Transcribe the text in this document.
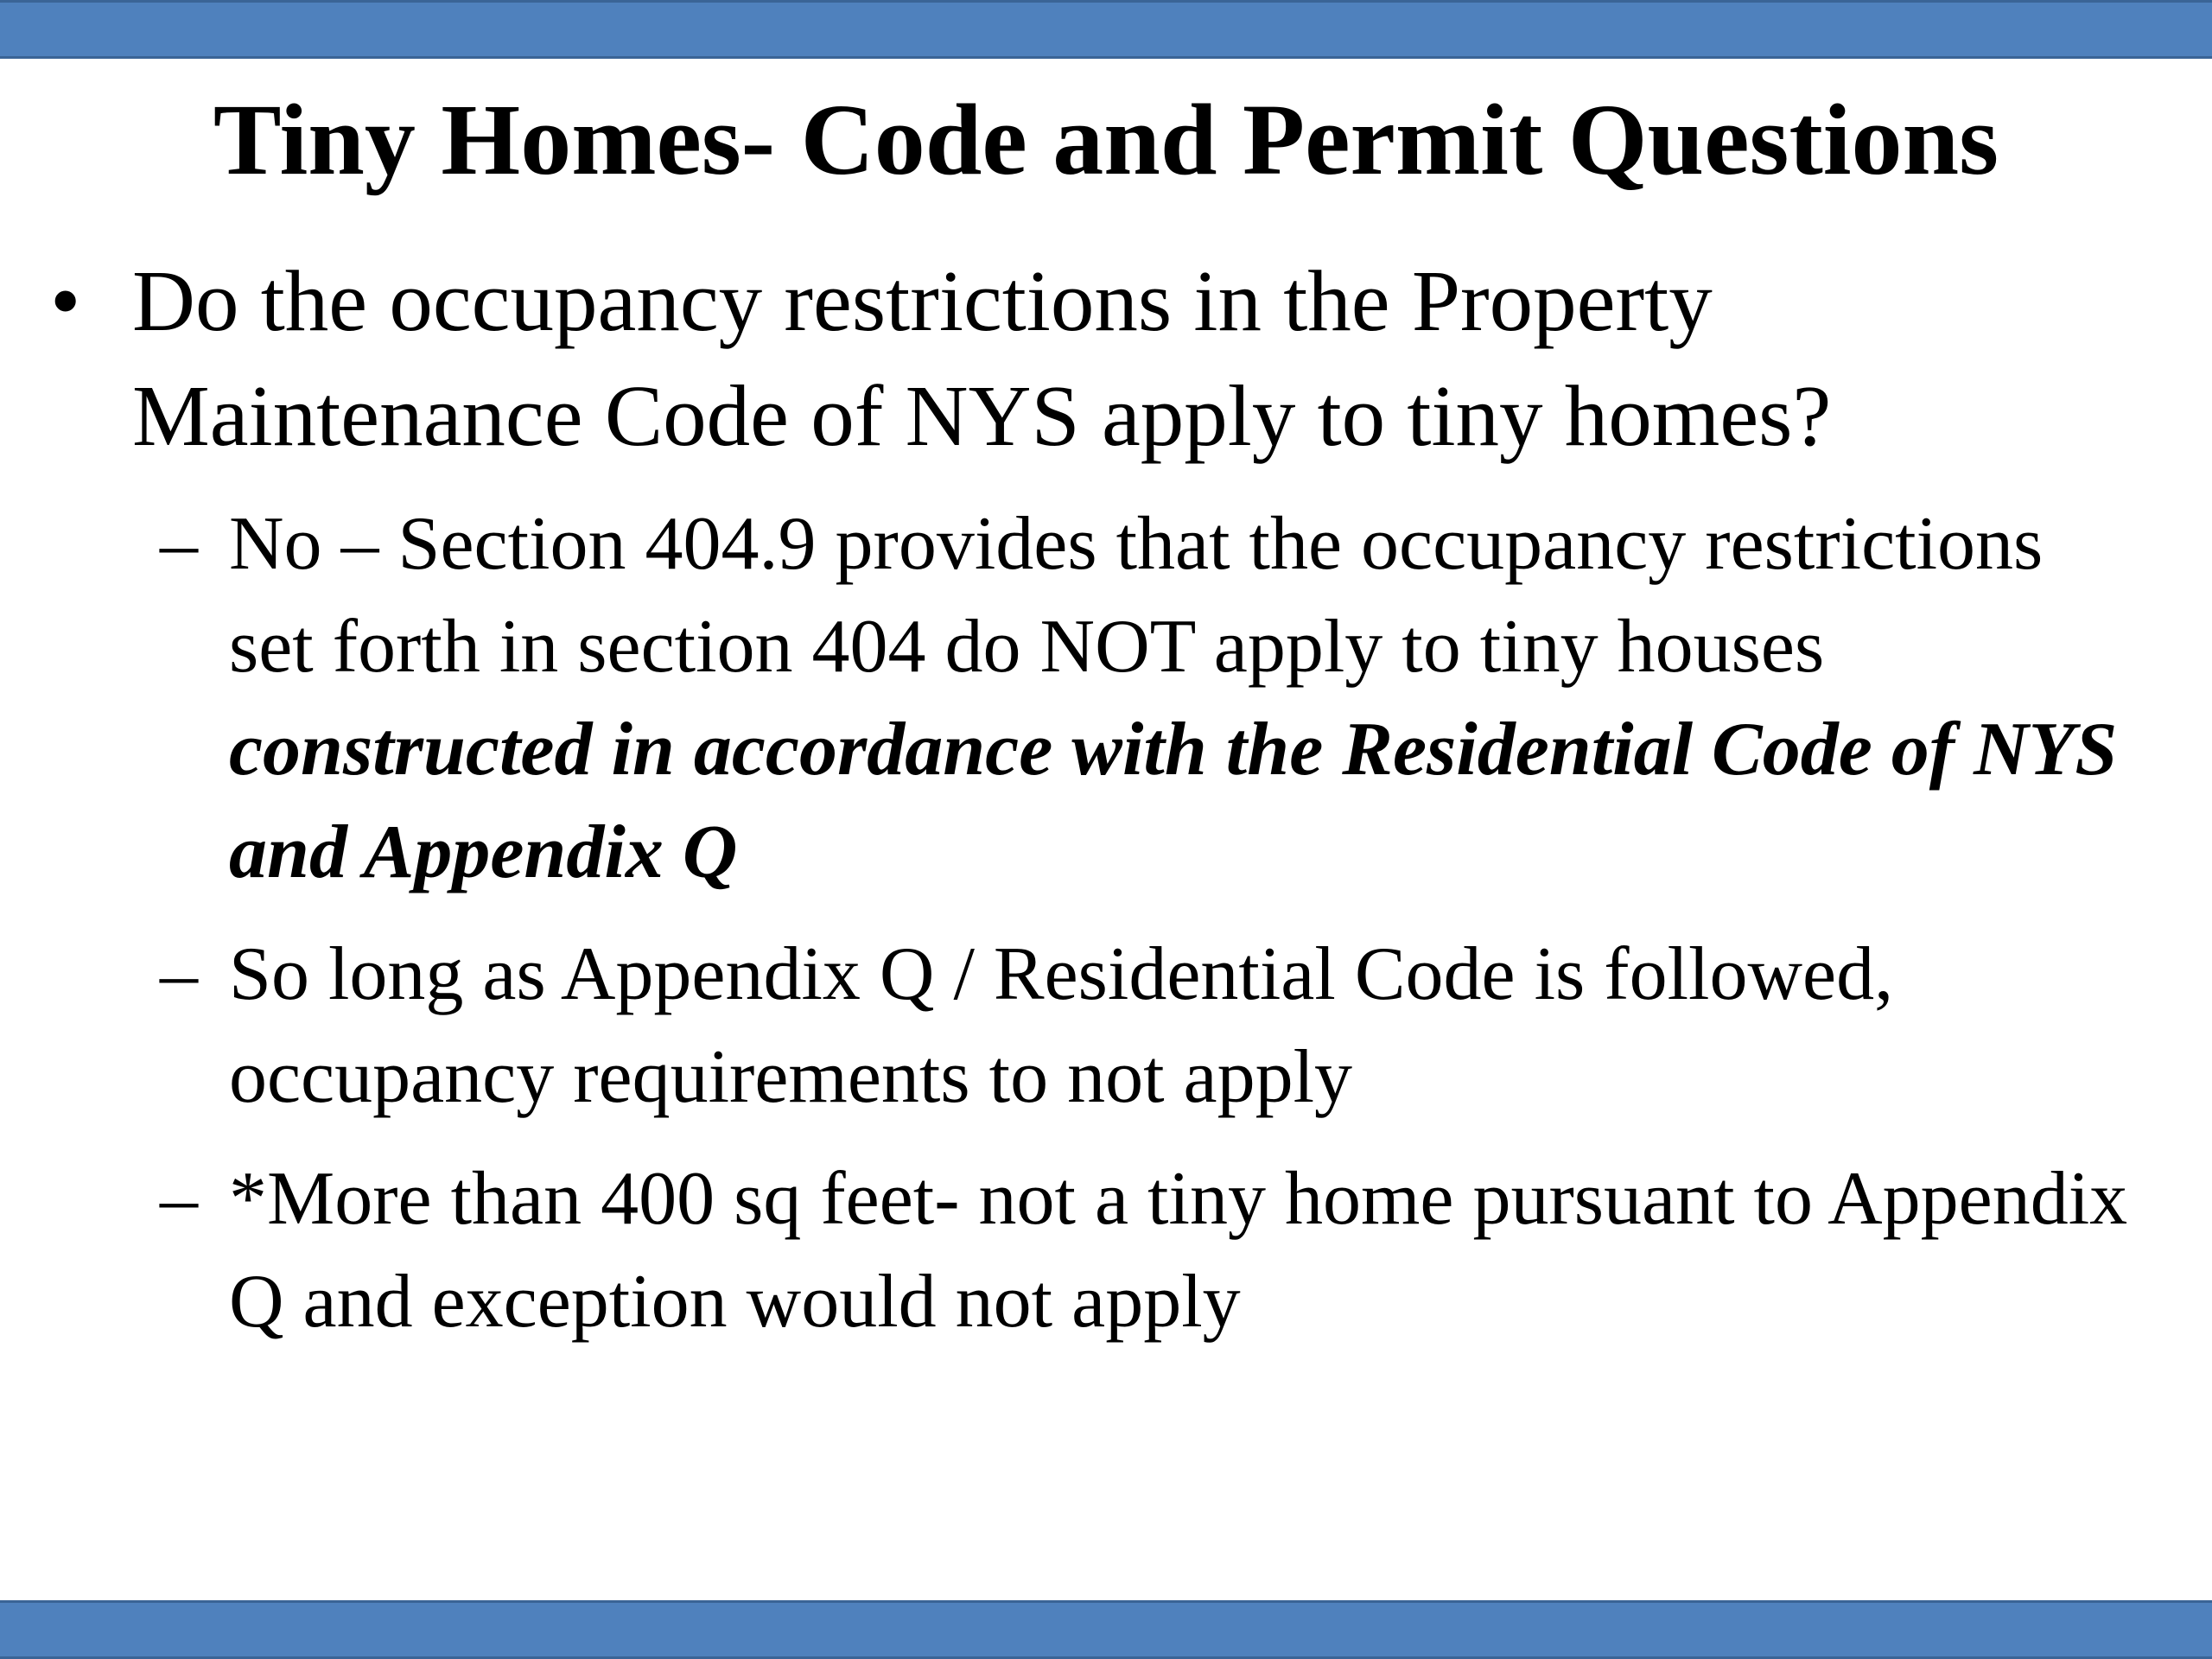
Tiny Homes- Code and Permit Questions
• Do the occupancy restrictions in the Property Maintenance Code of NYS apply to tiny homes?
– No – Section 404.9 provides that the occupancy restrictions set forth in section 404 do NOT apply to tiny houses constructed in accordance with the Residential Code of NYS and Appendix Q
– So long as Appendix Q / Residential Code is followed, occupancy requirements to not apply
– *More than 400 sq feet- not a tiny home pursuant to Appendix Q and exception would not apply
